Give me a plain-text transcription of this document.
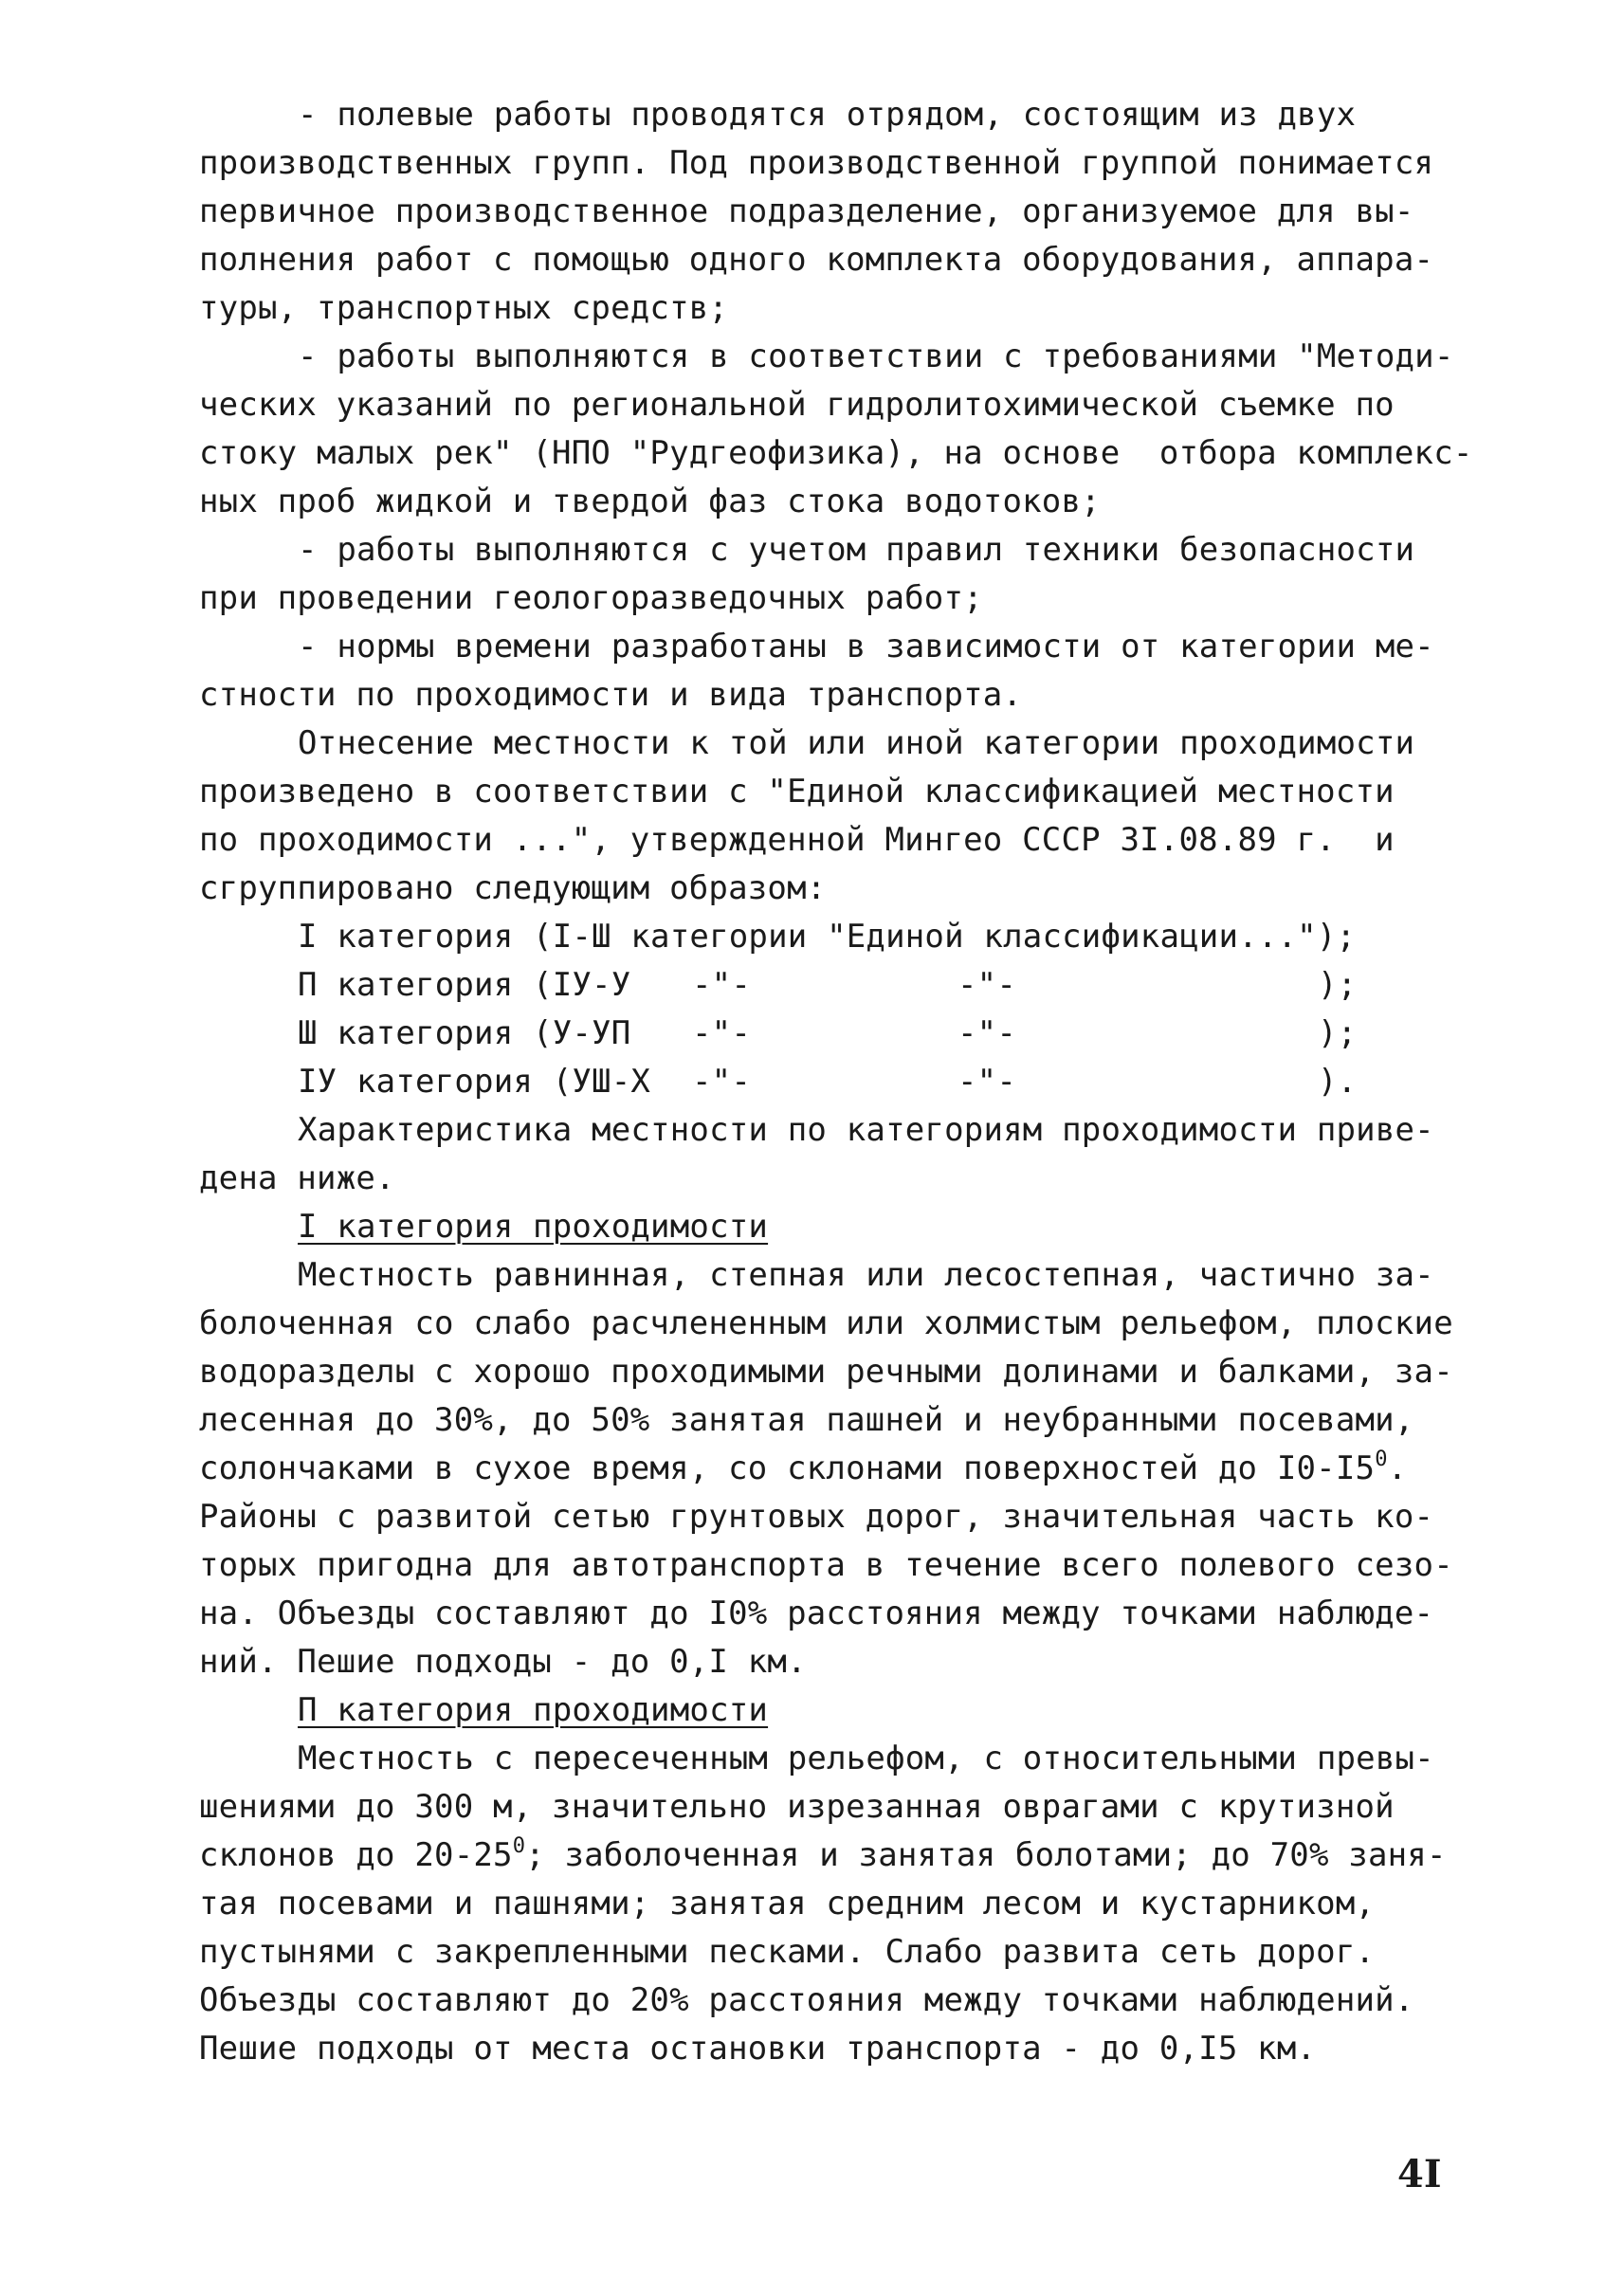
- полевые работы проводятся отрядом, состоящим из двух
производственных групп. Под производственной группой понимается
первичное производственное подразделение, организуемое для вы-
полнения работ с помощью одного комплекта оборудования, аппара-
туры, транспортных средств;
- работы выполняются в соответствии с требованиями "Методи-
ческих указаний по региональной гидролитохимической съемке по
стоку малых рек" (НПО "Рудгеофизика), на основе  отбора комплекс-
ных проб жидкой и твердой фаз стока водотоков;
- работы выполняются с учетом правил техники безопасности
при проведении геологоразведочных работ;
- нормы времени разработаны в зависимости от категории ме-
стности по проходимости и вида транспорта.
Отнесение местности к той или иной категории проходимости
произведено в соответствии с "Единой классификацией местности
по проходимости ...", утвержденной Мингео СССР 3I.08.89 г.  и
сгруппировано следующим образом:
I категория (I-Ш категории "Единой классификации...");
П категория (IУ-У -"-	-"-	);
Ш категория (У-УП -"-	-"-	);
IУ категория (УШ-Х -"-	-"-	).
Характеристика местности по категориям проходимости приве-
дена ниже.
I категория проходимости
Местность равнинная, степная или лесостепная, частично за-
болоченная со слабо расчлененным или холмистым рельефом, плоские
водоразделы с хорошо проходимыми речными долинами и балками, за-
лесенная до 30%, до 50% занятая пашней и неубранными посевами,
солончаками в сухое время, со склонами поверхностей до $I0-I5^0$.
Районы с развитой сетью грунтовых дорог, значительная часть ко-
торых пригодна для автотранспорта в течение всего полевого сезо-
на. Объезды составляют до I0% расстояния между точками наблюде-
ний. Пешие подходы - до 0,I км.
П категория проходимости
Местность с пересеченным рельефом, с относительными превы-
шениями до 300 м, значительно изрезанная оврагами с крутизной
склонов до $20-25^0$; заболоченная и занятая болотами; до 70% заня-
тая посевами и пашнями; занятая средним лесом и кустарником,
пустынями с закрепленными песками. Слабо развита сеть дорог.
Объезды составляют до 20% расстояния между точками наблюдений.
Пешие подходы от места остановки транспорта - до 0,I5 км.
4I
